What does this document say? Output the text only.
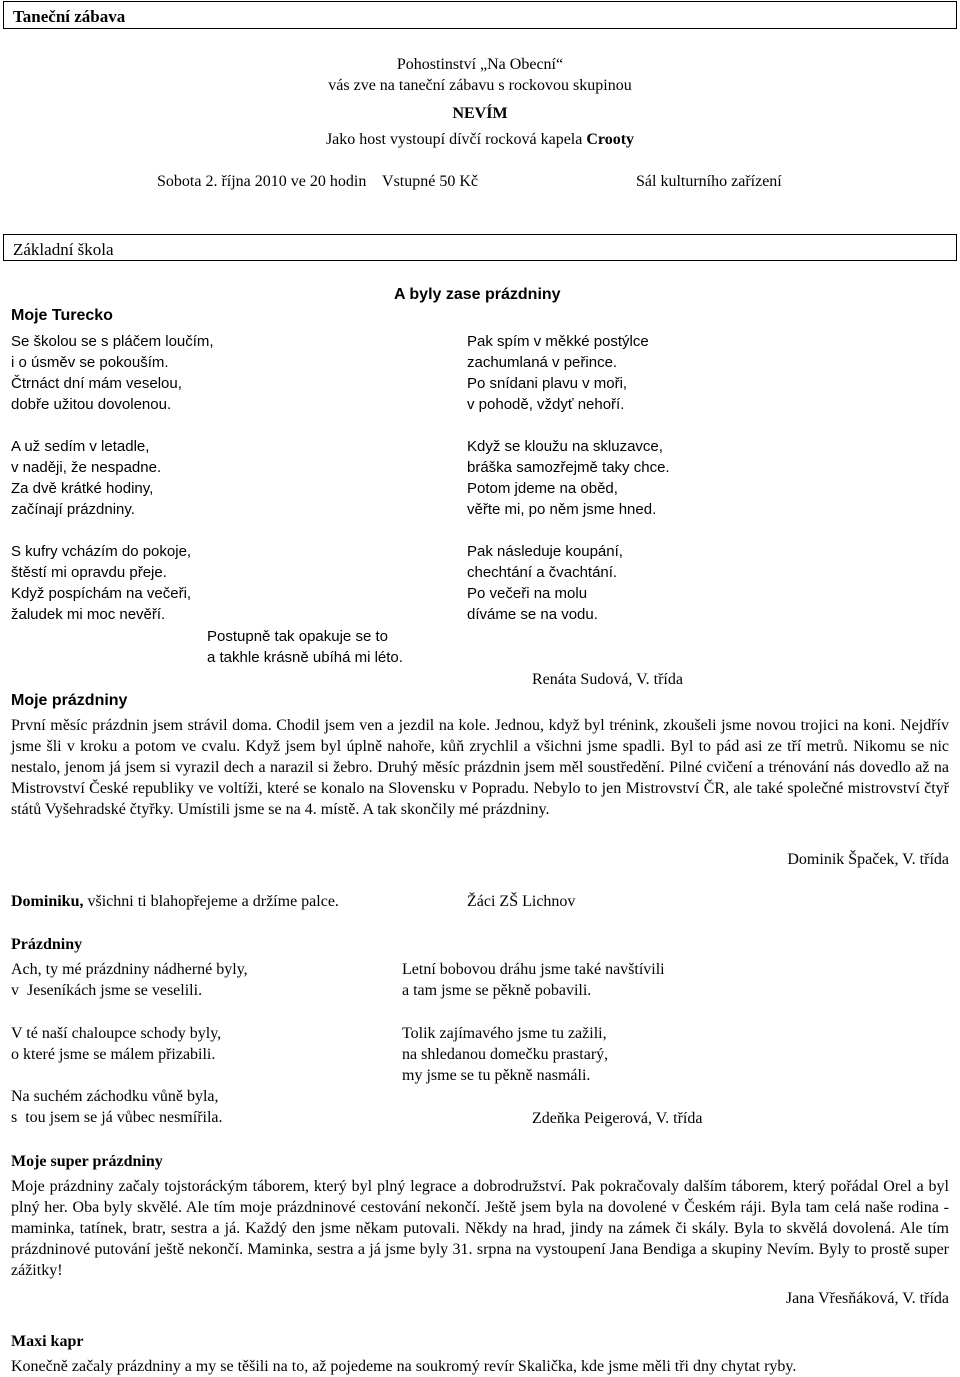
Taneční zábava
Pohostinství „Na Obecní“
vás zve na taneční zábavu s rockovou skupinou
NEVÍM
Jako host vystoupí dívčí rocková kapela Crooty
Sobota 2. října 2010 ve 20 hodin    Vstupné 50 Kč	Sál kulturního zařízení
Základní škola
Moje Turecko
Se školou se s pláčem loučím,
i o úsměv se pokouším.
Čtrnáct dní mám veselou,
dobře užitou dovolenou.
A už sedím v letadle,
v naději, že nespadne.
Za dvě krátké hodiny,
začínají prázdniny.
S kufry vcházím do pokoje,
štěstí mi opravdu přeje.
Když pospíchám na večeři,
žaludek mi moc nevěří.
Postupně tak opakuje se to
a takhle krásně ubíhá mi léto.
A byly zase prázdniny
Pak spím v měkké postýlce
zachumlaná v peřince.
Po snídani plavu v moři,
v pohodě, vždyť nehoří.
Když se kloužu na skluzavce,
bráška samozřejmě taky chce.
Potom jdeme na oběd,
věřte mi, po něm jsme hned.
Pak následuje koupání,
chechtání a čvachtání.
Po večeři na molu
díváme se na vodu.
Renáta Sudová, V. třída
Moje prázdniny
První měsíc prázdnin jsem strávil doma. Chodil jsem ven a jezdil na kole. Jednou, když byl trénink, zkoušeli jsme novou trojici na koni. Nejdřív jsme šli v kroku a potom ve cvalu. Když jsem byl úplně nahoře, kůň zrychlil a všichni jsme spadli. Byl to pád asi ze tří metrů. Nikomu se nic nestalo, jenom já jsem si vyrazil dech a narazil si žebro. Druhý měsíc prázdnin jsem měl soustředění. Pilné cvičení a trénování nás dovedlo až na Mistrovství České republiky ve voltíži, které se konalo na Slovensku v Popradu. Nebylo to jen Mistrovství ČR, ale také společné mistrovství čtyř států Vyšehradské čtyřky. Umístili jsme se na 4. místě. A tak skončily mé prázdniny.
Dominik Špaček, V. třída
Dominiku, všichni ti blahopřejeme a držíme palce.	Žáci ZŠ Lichnov
Prázdniny
Ach, ty mé prázdniny nádherné byly,
v  Jeseníkách jsme se veselili.
V té naší chaloupce schody byly,
o které jsme se málem přizabili.
Na suchém záchodku vůně byla,
s  tou jsem se já vůbec nesmířila.
Letní bobovou dráhu jsme také navštívili
a tam jsme se pěkně pobavili.
Tolik zajímavého jsme tu zažili,
na shledanou domečku prastarý,
my jsme se tu pěkně nasmáli.
Zdeňka Peigerová, V. třída
Moje super prázdniny
Moje prázdniny začaly tojstoráckým táborem, který byl plný legrace a dobrodružství. Pak pokračovaly dalším táborem, který pořádal Orel a byl plný her. Oba byly skvělé. Ale tím moje prázdninové cestování nekončí. Ještě jsem byla na dovolené v Českém ráji. Byla tam celá naše rodina - maminka, tatínek, bratr, sestra a já. Každý den jsme někam putovali. Někdy na hrad, jindy na zámek či skály. Byla to skvělá dovolená. Ale tím prázdninové putování ještě nekončí. Maminka, sestra a já jsme byly 31. srpna na vystoupení Jana Bendiga a skupiny Nevím. Byly to prostě super zážitky!
Jana Vřesňáková, V. třída
Maxi kapr
Konečně začaly prázdniny a my se těšili na to, až pojedeme na soukromý revír Skalička, kde jsme měli tři dny chytat ryby.
